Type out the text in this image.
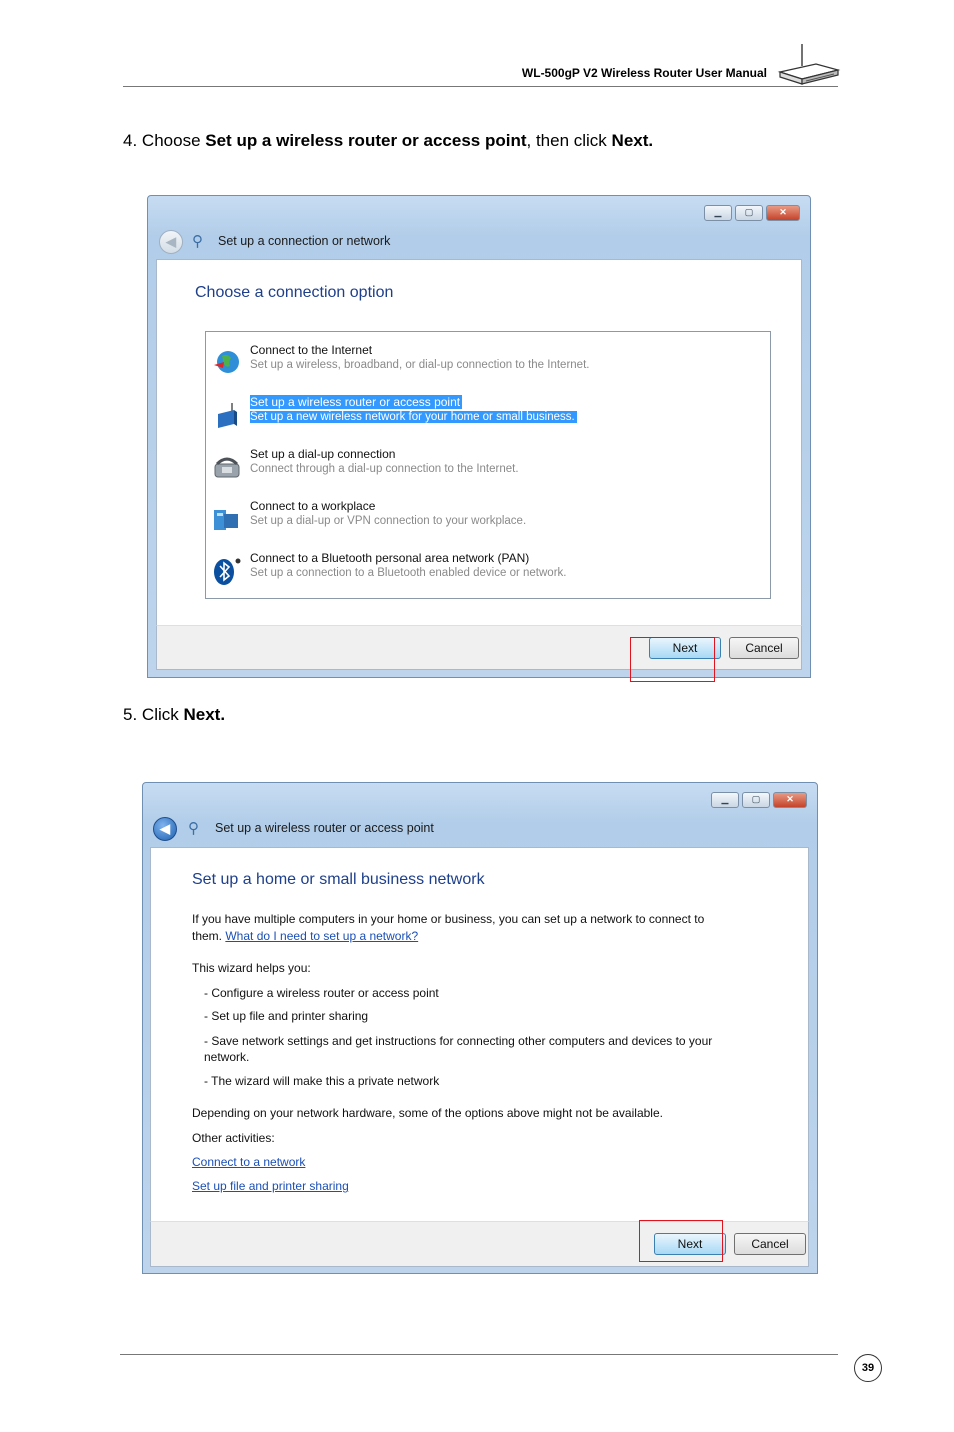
WL-500gP V2 Wireless Router User Manual
4. Choose Set up a wireless router or access point, then click Next.
▁	▢	✕
◀	⚲ Set up a connection or network
Choose a connection option
Connect to the Internet
Set up a wireless, broadband, or dial-up connection to the Internet.
Set up a wireless router or access point
Set up a new wireless network for your home or small business.
Set up a dial-up connection
Connect through a dial-up connection to the Internet.
Connect to a workplace
Set up a dial-up or VPN connection to your workplace.
Connect to a Bluetooth personal area network (PAN)
Set up a connection to a Bluetooth enabled device or network.
Next	Cancel
5. Click Next.
▁	▢	✕
◀	⚲ Set up a wireless router or access point
Set up a home or small business network
If you have multiple computers in your home or business, you can set up a network to connect to
them. What do I need to set up a network?
This wizard helps you:
- Configure a wireless router or access point
- Set up file and printer sharing
- Save network settings and get instructions for connecting other computers and devices to your
network.
- The wizard will make this a private network
Depending on your network hardware, some of the options above might not be available.
Other activities:
Connect to a network
Set up file and printer sharing
Next	Cancel
39
